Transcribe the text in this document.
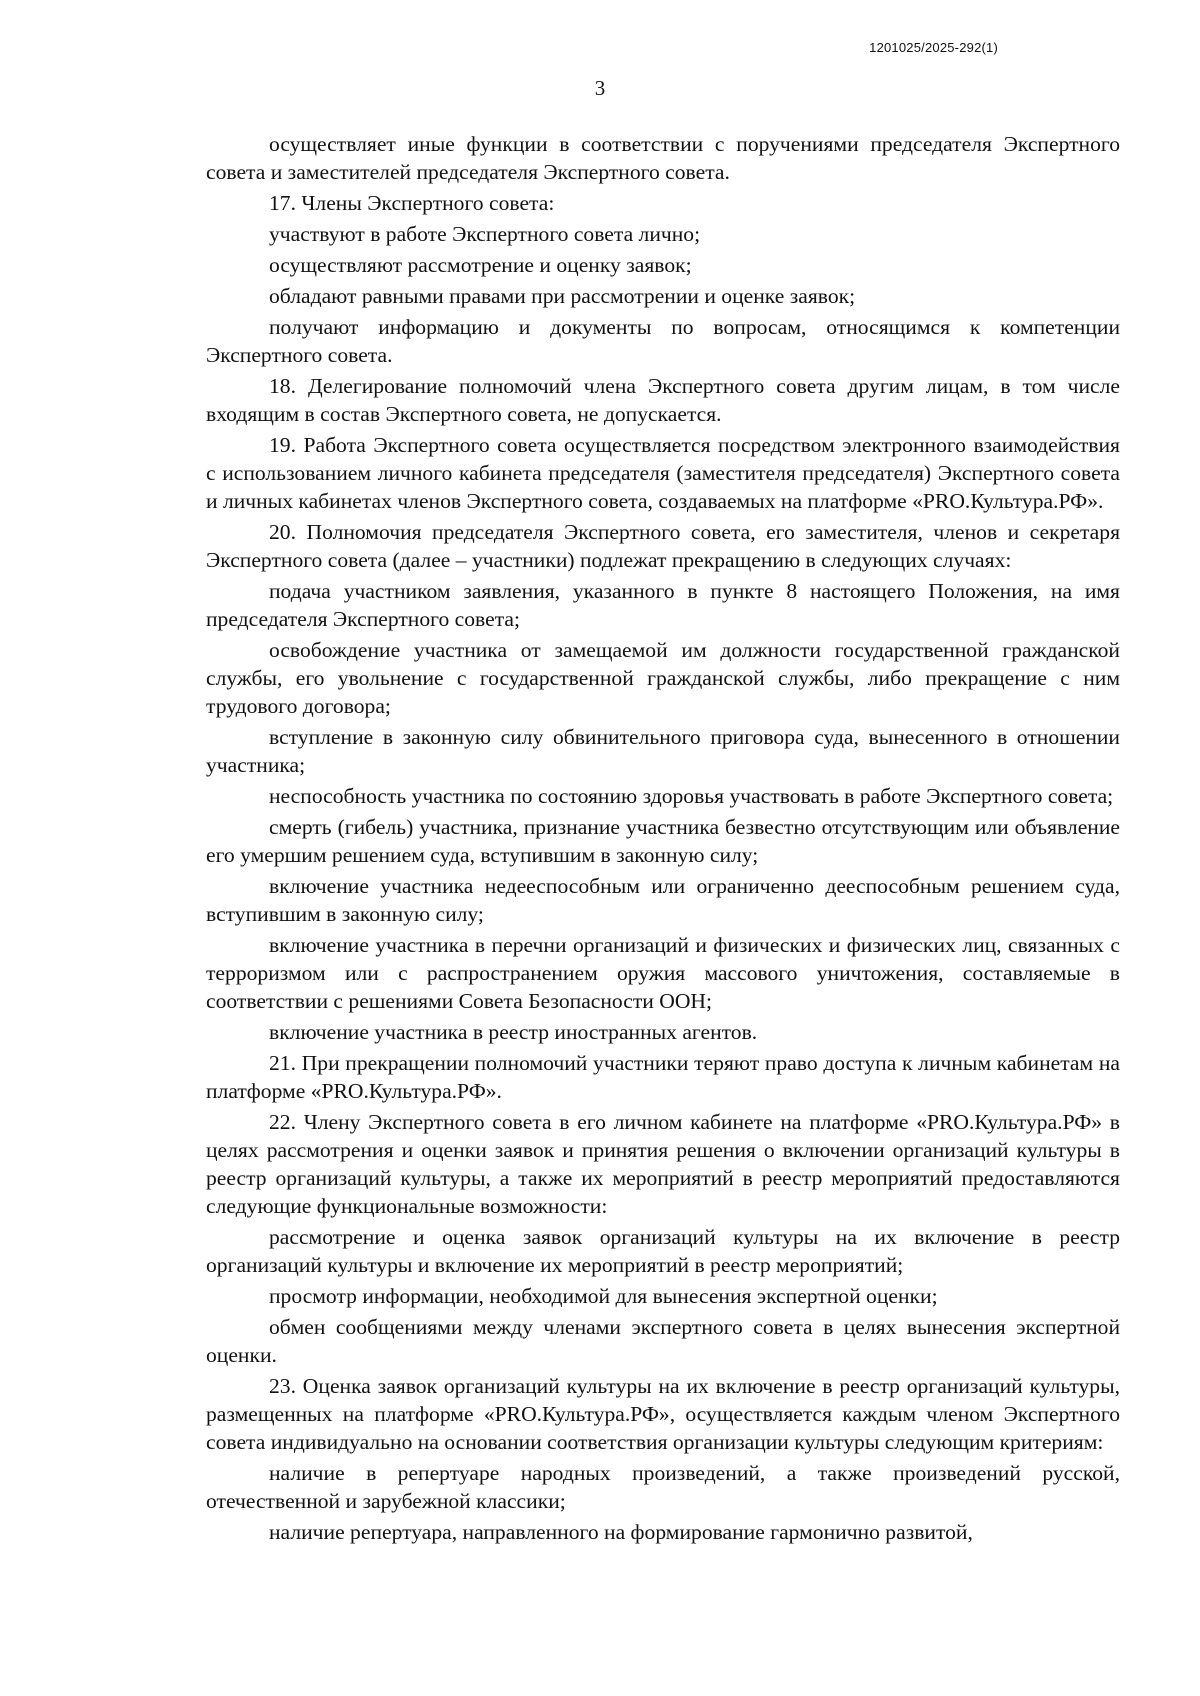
1201025/2025-292(1)
3

осуществляет иные функции в соответствии с поручениями председателя Экспертного совета и заместителей председателя Экспертного совета.

17. Члены Экспертного совета:

участвуют в работе Экспертного совета лично;

осуществляют рассмотрение и оценку заявок;

обладают равными правами при рассмотрении и оценке заявок;

получают информацию и документы по вопросам, относящимся к компетенции Экспертного совета.

18. Делегирование полномочий члена Экспертного совета другим лицам, в том числе входящим в состав Экспертного совета, не допускается.

19. Работа Экспертного совета осуществляется посредством электронного взаимодействия с использованием личного кабинета председателя (заместителя председателя) Экспертного совета и личных кабинетах членов Экспертного совета, создаваемых на платформе «PRO.Культура.РФ».

20. Полномочия председателя Экспертного совета, его заместителя, членов и секретаря Экспертного совета (далее – участники) подлежат прекращению в следующих случаях:

подача участником заявления, указанного в пункте 8 настоящего Положения, на имя председателя Экспертного совета;

освобождение участника от замещаемой им должности государственной гражданской службы, его увольнение с государственной гражданской службы, либо прекращение с ним трудового договора;

вступление в законную силу обвинительного приговора суда, вынесенного в отношении участника;

неспособность участника по состоянию здоровья участвовать в работе Экспертного совета;

смерть (гибель) участника, признание участника безвестно отсутствующим или объявление его умершим решением суда, вступившим в законную силу;

включение участника недееспособным или ограниченно дееспособным решением суда, вступившим в законную силу;

включение участника в перечни организаций и физических и физических лиц, связанных с терроризмом или с распространением оружия массового уничтожения, составляемые в соответствии с решениями Совета Безопасности ООН;

включение участника в реестр иностранных агентов.

21. При прекращении полномочий участники теряют право доступа к личным кабинетам на платформе «PRO.Культура.РФ».

22. Члену Экспертного совета в его личном кабинете на платформе «PRO.Культура.РФ» в целях рассмотрения и оценки заявок и принятия решения о включении организаций культуры в реестр организаций культуры, а также их мероприятий в реестр мероприятий предоставляются следующие функциональные возможности:

рассмотрение и оценка заявок организаций культуры на их включение в реестр организаций культуры и включение их мероприятий в реестр мероприятий;

просмотр информации, необходимой для вынесения экспертной оценки;

обмен сообщениями между членами экспертного совета в целях вынесения экспертной оценки.

23. Оценка заявок организаций культуры на их включение в реестр организаций культуры, размещенных на платформе «PRO.Культура.РФ», осуществляется каждым членом Экспертного совета индивидуально на основании соответствия организации культуры следующим критериям:

наличие в репертуаре народных произведений, а также произведений русской, отечественной и зарубежной классики;

наличие репертуара, направленного на формирование гармонично развитой,
